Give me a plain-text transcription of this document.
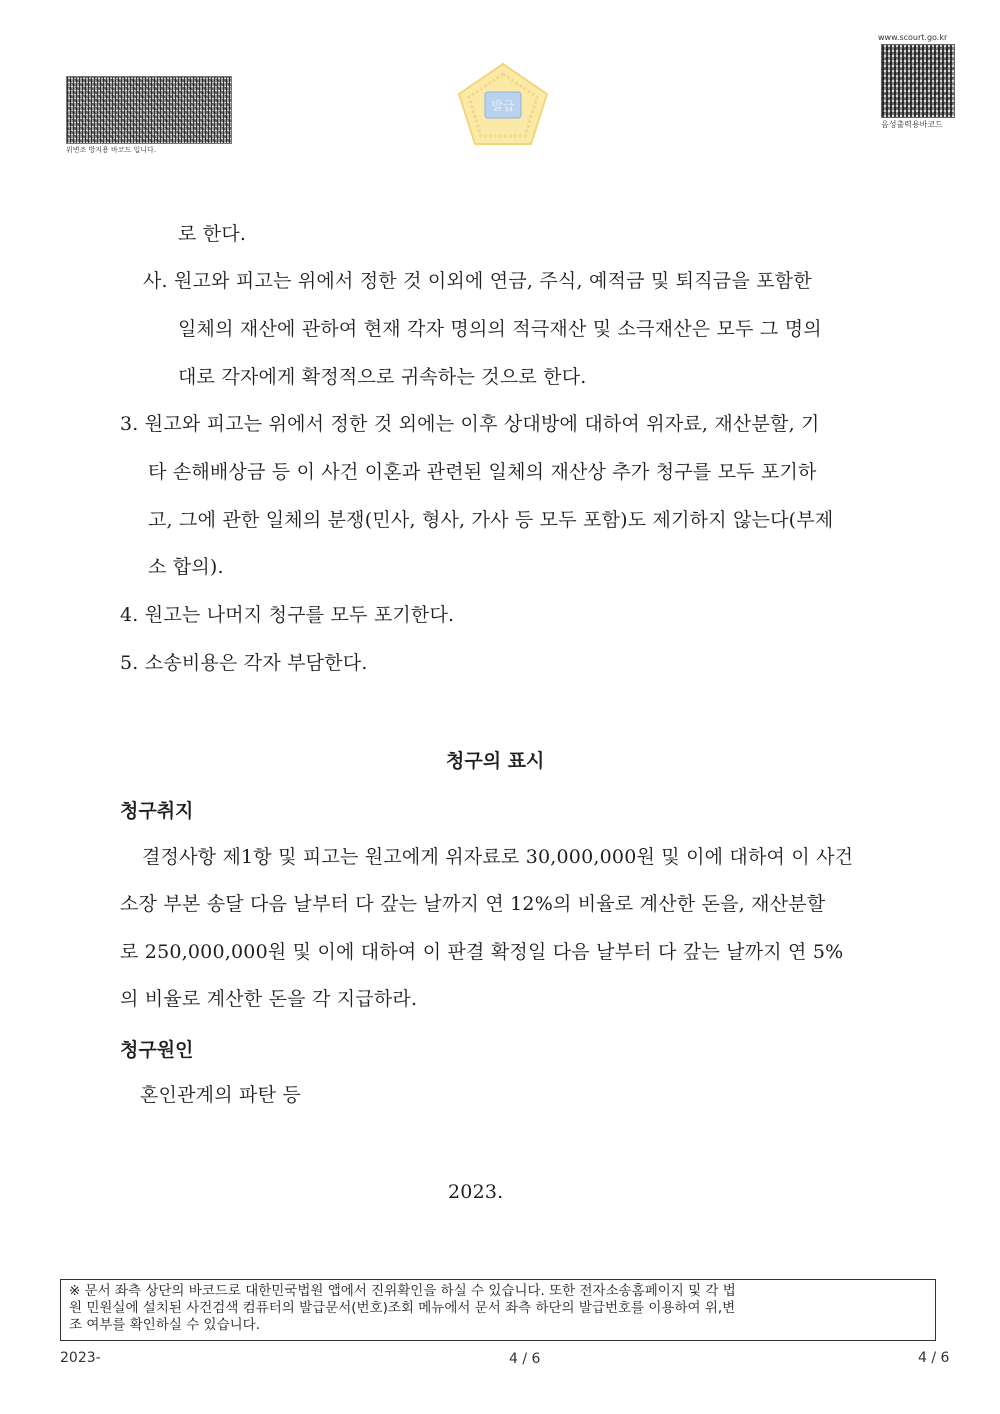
위변조 방지용 바코드 입니다.
발급
www.scourt.go.kr
음성출력용바코드
로 한다.
사. 원고와 피고는 위에서 정한 것 이외에 연금, 주식, 예적금 및 퇴직금을 포함한
일체의 재산에 관하여 현재 각자 명의의 적극재산 및 소극재산은 모두 그 명의
대로 각자에게 확정적으로 귀속하는 것으로 한다.
3. 원고와 피고는 위에서 정한 것 외에는 이후 상대방에 대하여 위자료, 재산분할, 기
타 손해배상금 등 이 사건 이혼과 관련된 일체의 재산상 추가 청구를 모두 포기하
고, 그에 관한 일체의 분쟁(민사, 형사, 가사 등 모두 포함)도 제기하지 않는다(부제
소 합의).
4. 원고는 나머지 청구를 모두 포기한다.
5. 소송비용은 각자 부담한다.
청구의 표시
청구취지
결정사항 제1항 및 피고는 원고에게 위자료로 30,000,000원 및 이에 대하여 이 사건
소장 부본 송달 다음 날부터 다 갚는 날까지 연 12%의 비율로 계산한 돈을, 재산분할
로 250,000,000원 및 이에 대하여 이 판결 확정일 다음 날부터 다 갚는 날까지 연 5%
의 비율로 계산한 돈을 각 지급하라.
청구원인
혼인관계의 파탄 등
2023.
※ 문서 좌측 상단의 바코드로 대한민국법원 앱에서 진위확인을 하실 수 있습니다. 또한 전자소송홈페이지 및 각 법
원 민원실에 설치된 사건검색 컴퓨터의 발급문서(번호)조회 메뉴에서 문서 좌측 하단의 발급번호를 이용하여 위,변
조 여부를 확인하실 수 있습니다.
2023-	4 / 6	4 / 6
